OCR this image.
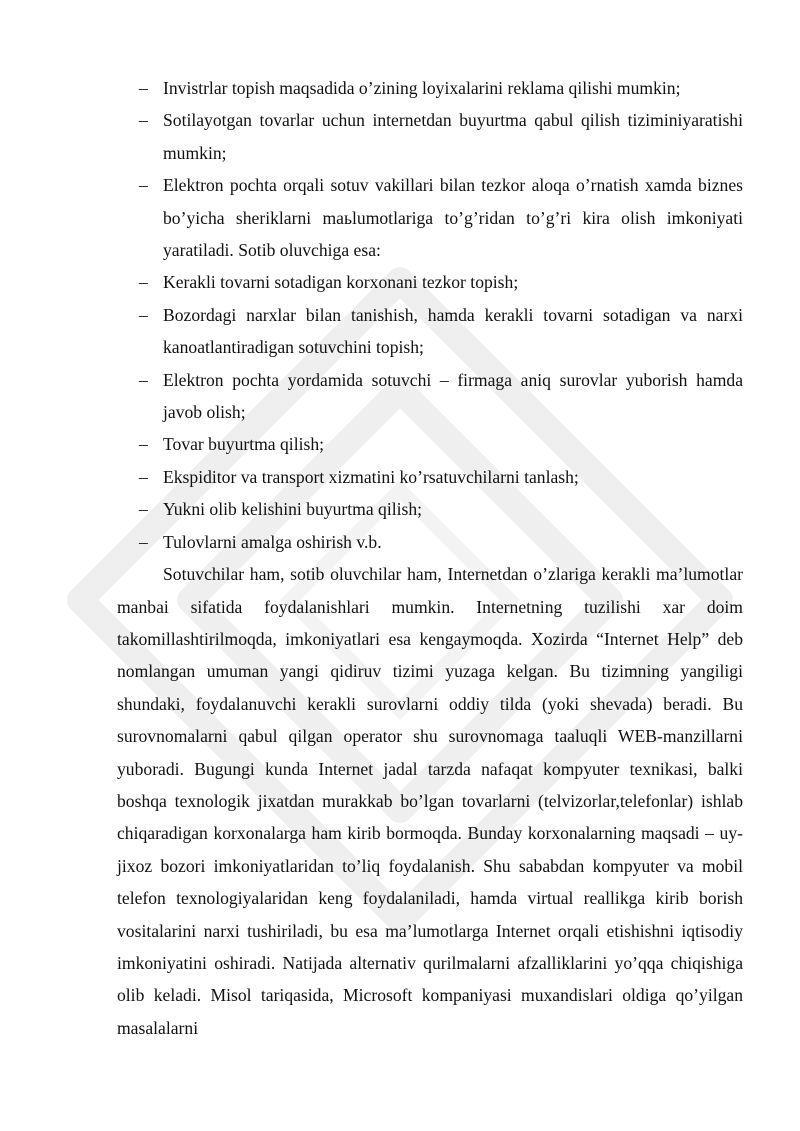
– Invistrlar topish maqsadida o’zining loyixalarini reklama qilishi mumkin;
– Sotilayotgan tovarlar uchun internetdan buyurtma qabul qilish tiziminiyaratishi mumkin;
– Elektron pochta orqali sotuv vakillari bilan tezkor aloqa o’rnatish xamda biznes bo’yicha sheriklarni maьlumotlariga to’g’ridan to’g’ri kira olish imkoniyati yaratiladi. Sotib oluvchiga esa:
– Kerakli tovarni sotadigan korxonani tezkor topish;
– Bozordagi narxlar bilan tanishish, hamda kerakli tovarni sotadigan va narxi kanoatlantiradigan sotuvchini topish;
– Elektron pochta yordamida sotuvchi – firmaga aniq surovlar yuborish hamda javob olish;
– Tovar buyurtma qilish;
– Ekspiditor va transport xizmatini ko’rsatuvchilarni tanlash;
– Yukni olib kelishini buyurtma qilish;
– Tulovlarni amalga oshirish v.b.

Sotuvchilar ham, sotib oluvchilar ham, Internetdan o’zlariga kerakli ma’lumotlar manbai sifatida foydalanishlari mumkin. Internetning tuzilishi xar doim takomillashtirilmoqda, imkoniyatlari esa kengaymoqda. Xozirda “Internet Help” deb nomlangan umuman yangi qidiruv tizimi yuzaga kelgan. Bu tizimning yangiligi shundaki, foydalanuvchi kerakli surovlarni oddiy tilda (yoki shevada) beradi. Bu surovnomalarni qabul qilgan operator shu surovnomaga taaluqli WEB-manzillarni yuboradi. Bugungi kunda Internet jadal tarzda nafaqat kompyuter texnikasi, balki boshqa texnologik jixatdan murakkab bo’lgan tovarlarni (telvizorlar,telefonlar) ishlab chiqaradigan korxonalarga ham kirib bormoqda. Bunday korxonalarning maqsadi – uy-jixoz bozori imkoniyatlaridan to’liq foydalanish. Shu sababdan kompyuter va mobil telefon texnologiyalaridan keng foydalaniladi, hamda virtual reallikga kirib borish vositalarini narxi tushiriladi, bu esa ma’lumotlarga Internet orqali etishishni iqtisodiy imkoniyatini oshiradi. Natijada alternativ qurilmalarni afzalliklarini yo’qqa chiqishiga olib keladi. Misol tariqasida, Microsoft kompaniyasi muxandislari oldiga qo’yilgan masalalarni
